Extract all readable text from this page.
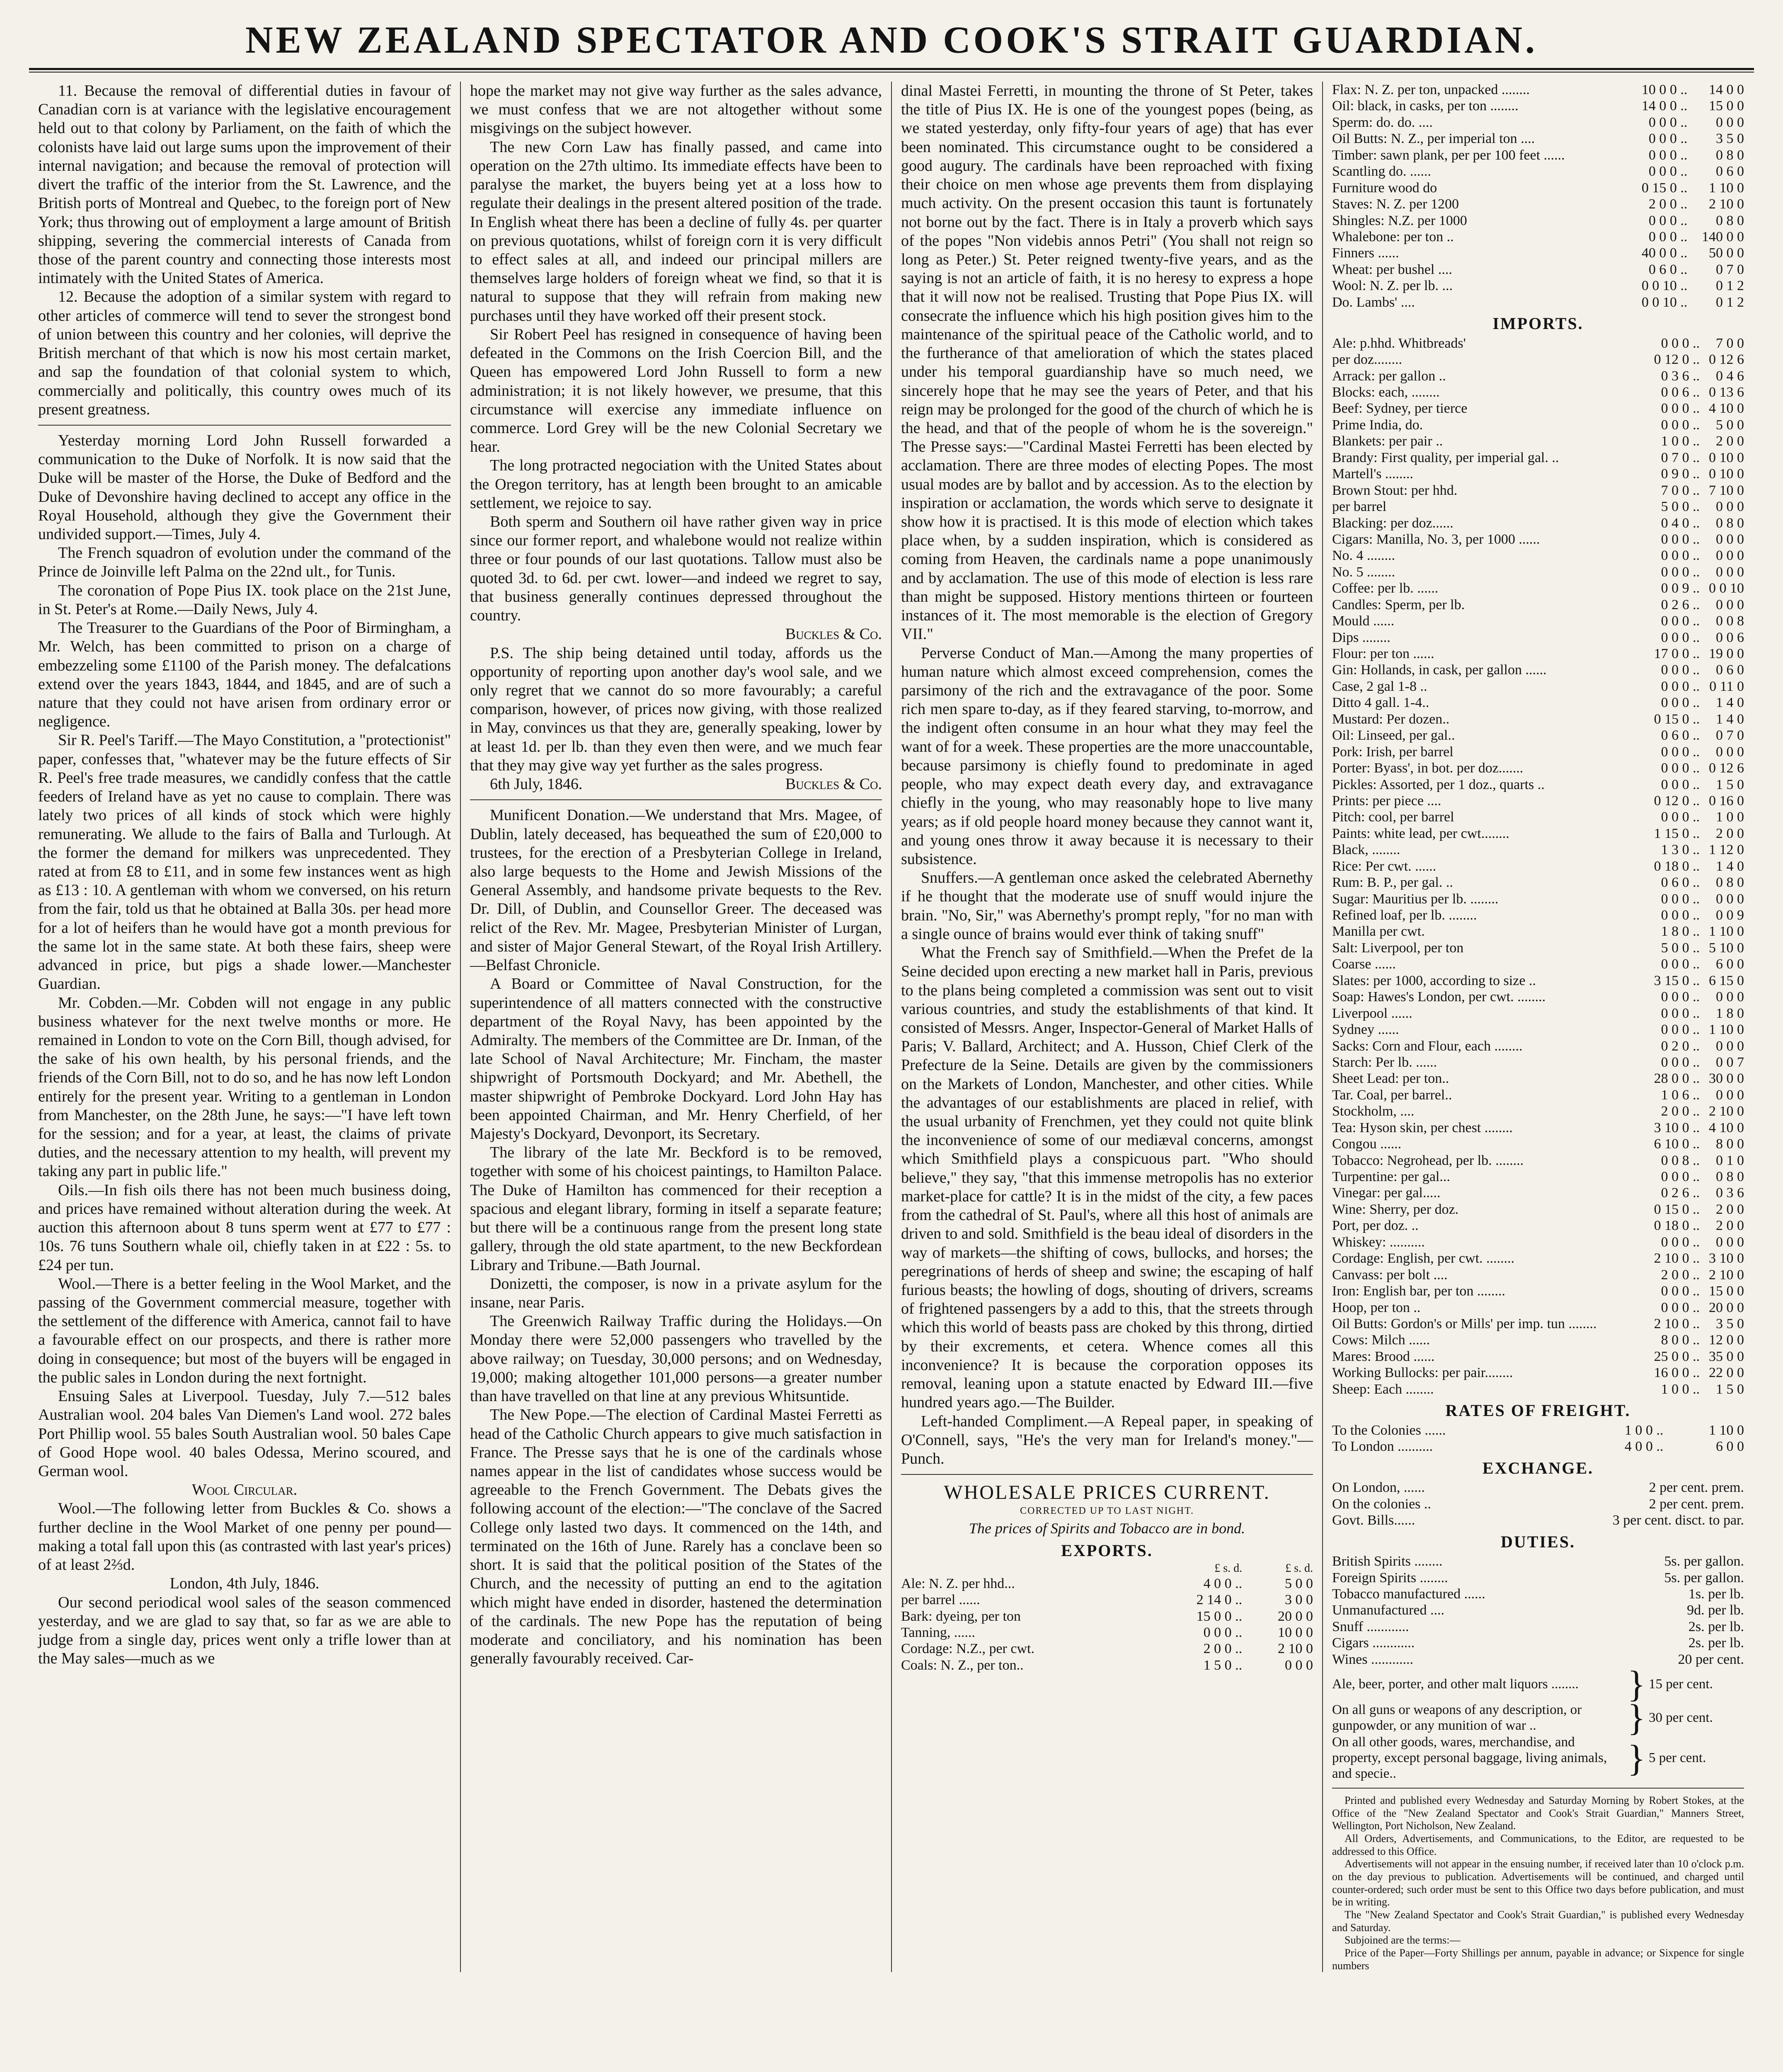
NEW ZEALAND SPECTATOR AND COOK'S STRAIT GUARDIAN.

11. Because the removal of differential duties in favour of Canadian corn is at variance with the legislative encouragement held out to that colony by Parliament, on the faith of which the colonists have laid out large sums upon the improvement of their internal navigation; and because the removal of protection will divert the traffic of the interior from the St. Lawrence, and the British ports of Montreal and Quebec, to the foreign port of New York; thus throwing out of employment a large amount of British shipping, severing the commercial interests of Canada from those of the parent country and connecting those interests most intimately with the United States of America.

12. Because the adoption of a similar system with regard to other articles of commerce will tend to sever the strongest bond of union between this country and her colonies, will deprive the British merchant of that which is now his most certain market, and sap the foundation of that colonial system to which, commercially and politically, this country owes much of its present greatness.

Yesterday morning Lord John Russell forwarded a communication to the Duke of Norfolk. It is now said that the Duke will be master of the Horse, the Duke of Bedford and the Duke of Devonshire having declined to accept any office in the Royal Household, although they give the Government their undivided support.—Times, July 4.

The French squadron of evolution under the command of the Prince de Joinville left Palma on the 22nd ult., for Tunis.

The coronation of Pope Pius IX. took place on the 21st June, in St. Peter's at Rome.—Daily News, July 4.

The Treasurer to the Guardians of the Poor of Birmingham, a Mr. Welch, has been committed to prison on a charge of embezzeling some £1100 of the Parish money. The defalcations extend over the years 1843, 1844, and 1845, and are of such a nature that they could not have arisen from ordinary error or negligence.

Sir R. Peel's Tariff.—The Mayo Constitution, a "protectionist" paper, confesses that, "whatever may be the future effects of Sir R. Peel's free trade measures, we candidly confess that the cattle feeders of Ireland have as yet no cause to complain. There was lately two prices of all kinds of stock which were highly remunerating. We allude to the fairs of Balla and Turlough. At the former the demand for milkers was unprecedented. They rated at from £8 to £11, and in some few instances went as high as £13 : 10. A gentleman with whom we conversed, on his return from the fair, told us that he obtained at Balla 30s. per head more for a lot of heifers than he would have got a month previous for the same lot in the same state. At both these fairs, sheep were advanced in price, but pigs a shade lower.—Manchester Guardian.

Mr. Cobden.—Mr. Cobden will not engage in any public business whatever for the next twelve months or more. He remained in London to vote on the Corn Bill, though advised, for the sake of his own health, by his personal friends, and the friends of the Corn Bill, not to do so, and he has now left London entirely for the present year. Writing to a gentleman in London from Manchester, on the 28th June, he says:—"I have left town for the session; and for a year, at least, the claims of private duties, and the necessary attention to my health, will prevent my taking any part in public life."

Oils.—In fish oils there has not been much business doing, and prices have remained without alteration during the week. At auction this afternoon about 8 tuns sperm went at £77 to £77 : 10s. 76 tuns Southern whale oil, chiefly taken in at £22 : 5s. to £24 per tun.

Wool.—There is a better feeling in the Wool Market, and the passing of the Government commercial measure, together with the settlement of the difference with America, cannot fail to have a favourable effect on our prospects, and there is rather more doing in consequence; but most of the buyers will be engaged in the public sales in London during the next fortnight.

Ensuing Sales at Liverpool. Tuesday, July 7.—512 bales Australian wool. 204 bales Van Diemen's Land wool. 272 bales Port Phillip wool. 55 bales South Australian wool. 50 bales Cape of Good Hope wool. 40 bales Odessa, Merino scoured, and German wool.

Wool Circular.

Wool.—The following letter from Buckles & Co. shows a further decline in the Wool Market of one penny per pound—making a total fall upon this (as contrasted with last year's prices) of at least 2⅔d.

London, 4th July, 1846.

Our second periodical wool sales of the season commenced yesterday, and we are glad to say that, so far as we are able to judge from a single day, prices went only a trifle lower than at the May sales—much as we

hope the market may not give way further as the sales advance, we must confess that we are not altogether without some misgivings on the subject however.

The new Corn Law has finally passed, and came into operation on the 27th ultimo. Its immediate effects have been to paralyse the market, the buyers being yet at a loss how to regulate their dealings in the present altered position of the trade. In English wheat there has been a decline of fully 4s. per quarter on previous quotations, whilst of foreign corn it is very difficult to effect sales at all, and indeed our principal millers are themselves large holders of foreign wheat we find, so that it is natural to suppose that they will refrain from making new purchases until they have worked off their present stock.

Sir Robert Peel has resigned in consequence of having been defeated in the Commons on the Irish Coercion Bill, and the Queen has empowered Lord John Russell to form a new administration; it is not likely however, we presume, that this circumstance will exercise any immediate influence on commerce. Lord Grey will be the new Colonial Secretary we hear.

The long protracted negociation with the United States about the Oregon territory, has at length been brought to an amicable settlement, we rejoice to say.

Both sperm and Southern oil have rather given way in price since our former report, and whalebone would not realize within three or four pounds of our last quotations. Tallow must also be quoted 3d. to 6d. per cwt. lower—and indeed we regret to say, that business generally continues depressed throughout the country.

Buckles & Co.

P.S. The ship being detained until today, affords us the opportunity of reporting upon another day's wool sale, and we only regret that we cannot do so more favourably; a careful comparison, however, of prices now giving, with those realized in May, convinces us that they are, generally speaking, lower by at least 1d. per lb. than they even then were, and we much fear that they may give way yet further as the sales progress.

6th July, 1846.	Buckles & Co.

Munificent Donation.—We understand that Mrs. Magee, of Dublin, lately deceased, has bequeathed the sum of £20,000 to trustees, for the erection of a Presbyterian College in Ireland, also large bequests to the Home and Jewish Missions of the General Assembly, and handsome private bequests to the Rev. Dr. Dill, of Dublin, and Counsellor Greer. The deceased was relict of the Rev. Mr. Magee, Presbyterian Minister of Lurgan, and sister of Major General Stewart, of the Royal Irish Artillery.—Belfast Chronicle.

A Board or Committee of Naval Construction, for the superintendence of all matters connected with the constructive department of the Royal Navy, has been appointed by the Admiralty. The members of the Committee are Dr. Inman, of the late School of Naval Architecture; Mr. Fincham, the master shipwright of Portsmouth Dockyard; and Mr. Abethell, the master shipwright of Pembroke Dockyard. Lord John Hay has been appointed Chairman, and Mr. Henry Cherfield, of her Majesty's Dockyard, Devonport, its Secretary.

The library of the late Mr. Beckford is to be removed, together with some of his choicest paintings, to Hamilton Palace. The Duke of Hamilton has commenced for their reception a spacious and elegant library, forming in itself a separate feature; but there will be a continuous range from the present long state gallery, through the old state apartment, to the new Beckfordean Library and Tribune.—Bath Journal.

Donizetti, the composer, is now in a private asylum for the insane, near Paris.

The Greenwich Railway Traffic during the Holidays.—On Monday there were 52,000 passengers who travelled by the above railway; on Tuesday, 30,000 persons; and on Wednesday, 19,000; making altogether 101,000 persons—a greater number than have travelled on that line at any previous Whitsuntide.

The New Pope.—The election of Cardinal Mastei Ferretti as head of the Catholic Church appears to give much satisfaction in France. The Presse says that he is one of the cardinals whose names appear in the list of candidates whose success would be agreeable to the French Government. The Debats gives the following account of the election:—"The conclave of the Sacred College only lasted two days. It commenced on the 14th, and terminated on the 16th of June. Rarely has a conclave been so short. It is said that the political position of the States of the Church, and the necessity of putting an end to the agitation which might have ended in disorder, hastened the determination of the cardinals. The new Pope has the reputation of being moderate and conciliatory, and his nomination has been generally favourably received. Car-

dinal Mastei Ferretti, in mounting the throne of St Peter, takes the title of Pius IX. He is one of the youngest popes (being, as we stated yesterday, only fifty-four years of age) that has ever been nominated. This circumstance ought to be considered a good augury. The cardinals have been reproached with fixing their choice on men whose age prevents them from displaying much activity. On the present occasion this taunt is fortunately not borne out by the fact. There is in Italy a proverb which says of the popes "Non videbis annos Petri" (You shall not reign so long as Peter.) St. Peter reigned twenty-five years, and as the saying is not an article of faith, it is no heresy to express a hope that it will now not be realised. Trusting that Pope Pius IX. will consecrate the influence which his high position gives him to the maintenance of the spiritual peace of the Catholic world, and to the furtherance of that amelioration of which the states placed under his temporal guardianship have so much need, we sincerely hope that he may see the years of Peter, and that his reign may be prolonged for the good of the church of which he is the head, and that of the people of whom he is the sovereign." The Presse says:—"Cardinal Mastei Ferretti has been elected by acclamation. There are three modes of electing Popes. The most usual modes are by ballot and by accession. As to the election by inspiration or acclamation, the words which serve to designate it show how it is practised. It is this mode of election which takes place when, by a sudden inspiration, which is considered as coming from Heaven, the cardinals name a pope unanimously and by acclamation. The use of this mode of election is less rare than might be supposed. History mentions thirteen or fourteen instances of it. The most memorable is the election of Gregory VII."

Perverse Conduct of Man.—Among the many properties of human nature which almost exceed comprehension, comes the parsimony of the rich and the extravagance of the poor. Some rich men spare to-day, as if they feared starving, to-morrow, and the indigent often consume in an hour what they may feel the want of for a week. These properties are the more unaccountable, because parsimony is chiefly found to predominate in aged people, who may expect death every day, and extravagance chiefly in the young, who may reasonably hope to live many years; as if old people hoard money because they cannot want it, and young ones throw it away because it is necessary to their subsistence.

Snuffers.—A gentleman once asked the celebrated Abernethy if he thought that the moderate use of snuff would injure the brain. "No, Sir," was Abernethy's prompt reply, "for no man with a single ounce of brains would ever think of taking snuff"

What the French say of Smithfield.—When the Prefet de la Seine decided upon erecting a new market hall in Paris, previous to the plans being completed a commission was sent out to visit various countries, and study the establishments of that kind. It consisted of Messrs. Anger, Inspector-General of Market Halls of Paris; V. Ballard, Architect; and A. Husson, Chief Clerk of the Prefecture de la Seine. Details are given by the commissioners on the Markets of London, Manchester, and other cities. While the advantages of our establishments are placed in relief, with the usual urbanity of Frenchmen, yet they could not quite blink the inconvenience of some of our mediæval concerns, amongst which Smithfield plays a conspicuous part. "Who should believe," they say, "that this immense metropolis has no exterior market-place for cattle? It is in the midst of the city, a few paces from the cathedral of St. Paul's, where all this host of animals are driven to and sold. Smithfield is the beau ideal of disorders in the way of markets—the shifting of cows, bullocks, and horses; the peregrinations of herds of sheep and swine; the escaping of half furious beasts; the howling of dogs, shouting of drivers, screams of frightened passengers by a add to this, that the streets through which this world of beasts pass are choked by this throng, dirtied by their excrements, et cetera. Whence comes all this inconvenience? It is because the corporation opposes its removal, leaning upon a statute enacted by Edward III.—five hundred years ago.—The Builder.

Left-handed Compliment.—A Repeal paper, in speaking of O'Connell, says, "He's the very man for Ireland's money."—Punch.

WHOLESALE PRICES CURRENT.
CORRECTED UP TO LAST NIGHT.
The prices of Spirits and Tobacco are in bond.
EXPORTS.
	£ s. d.	£ s. d.
Ale: N. Z. per hhd...	4 0 0 ..	5 0 0
per barrel ......	2 14 0 ..	3 0 0
Bark: dyeing, per ton	15 0 0 ..	20 0 0
Tanning, ......	0 0 0 ..	10 0 0
Cordage: N.Z., per cwt.	2 0 0 ..	2 10 0
Coals: N. Z., per ton..	1 5 0 ..	0 0 0
Flax: N. Z. per ton, unpacked ........	10 0 0 ..	14 0 0
Oil: black, in casks, per ton ........	14 0 0 ..	15 0 0
Sperm: do. do. ....	0 0 0 ..	0 0 0
Oil Butts: N. Z., per imperial ton ....	0 0 0 ..	3 5 0
Timber: sawn plank, per per 100 feet ......	0 0 0 ..	0 8 0
Scantling do. ......	0 0 0 ..	0 6 0
Furniture wood do	0 15 0 ..	1 10 0
Staves: N. Z. per 1200	2 0 0 ..	2 10 0
Shingles: N.Z. per 1000	0 0 0 ..	0 8 0
Whalebone: per ton ..	0 0 0 ..	140 0 0
Finners ......	40 0 0 ..	50 0 0
Wheat: per bushel ....	0 6 0 ..	0 7 0
Wool: N. Z. per lb. ...	0 0 10 ..	0 1 2
Do. Lambs' ....	0 0 10 ..	0 1 2
IMPORTS.
Ale: p.hhd. Whitbreads'	0 0 0 ..	7 0 0
per doz........	0 12 0 ..	0 12 6
Arrack: per gallon ..	0 3 6 ..	0 4 6
Blocks: each, ........	0 0 6 ..	0 13 6
Beef: Sydney, per tierce	0 0 0 ..	4 10 0
Prime India, do.	0 0 0 ..	5 0 0
Blankets: per pair ..	1 0 0 ..	2 0 0
Brandy: First quality, per imperial gal. ..	0 7 0 ..	0 10 0
Martell's ........	0 9 0 ..	0 10 0
Brown Stout: per hhd.	7 0 0 ..	7 10 0
per barrel	5 0 0 ..	0 0 0
Blacking: per doz......	0 4 0 ..	0 8 0
Cigars: Manilla, No. 3, per 1000 ......	0 0 0 ..	0 0 0
No. 4 ........	0 0 0 ..	0 0 0
No. 5 ........	0 0 0 ..	0 0 0
Coffee: per lb. ......	0 0 9 ..	0 0 10
Candles: Sperm, per lb.	0 2 6 ..	0 0 0
Mould ......	0 0 0 ..	0 0 8
Dips ........	0 0 0 ..	0 0 6
Flour: per ton ......	17 0 0 ..	19 0 0
Gin: Hollands, in cask, per gallon ......	0 0 0 ..	0 6 0
Case, 2 gal 1-8 ..	0 0 0 ..	0 11 0
Ditto 4 gall. 1-4..	0 0 0 ..	1 4 0
Mustard: Per dozen..	0 15 0 ..	1 4 0
Oil: Linseed, per gal..	0 6 0 ..	0 7 0
Pork: Irish, per barrel	0 0 0 ..	0 0 0
Porter: Byass', in bot. per doz.......	0 0 0 ..	0 12 6
Pickles: Assorted, per 1 doz., quarts ..	0 0 0 ..	1 5 0
Prints: per piece ....	0 12 0 ..	0 16 0
Pitch: cool, per barrel	0 0 0 ..	1 0 0
Paints: white lead, per cwt........	1 15 0 ..	2 0 0
Black, ........	1 3 0 ..	1 12 0
Rice: Per cwt. ......	0 18 0 ..	1 4 0
Rum: B. P., per gal. ..	0 6 0 ..	0 8 0
Sugar: Mauritius per lb. ........	0 0 0 ..	0 0 0
Refined loaf, per lb. ........	0 0 0 ..	0 0 9
Manilla per cwt.	1 8 0 ..	1 10 0
Salt: Liverpool, per ton	5 0 0 ..	5 10 0
Coarse ......	0 0 0 ..	6 0 0
Slates: per 1000, according to size ..	3 15 0 ..	6 15 0
Soap: Hawes's London, per cwt. ........	0 0 0 ..	0 0 0
Liverpool ......	0 0 0 ..	1 8 0
Sydney ......	0 0 0 ..	1 10 0
Sacks: Corn and Flour, each ........	0 2 0 ..	0 0 0
Starch: Per lb. ......	0 0 0 ..	0 0 7
Sheet Lead: per ton..	28 0 0 ..	30 0 0
Tar. Coal, per barrel..	1 0 6 ..	0 0 0
Stockholm, ....	2 0 0 ..	2 10 0
Tea: Hyson skin, per chest ........	3 10 0 ..	4 10 0
Congou ......	6 10 0 ..	8 0 0
Tobacco: Negrohead, per lb. ........	0 0 8 ..	0 1 0
Turpentine: per gal...	0 0 0 ..	0 8 0
Vinegar: per gal.....	0 2 6 ..	0 3 6
Wine: Sherry, per doz.	0 15 0 ..	2 0 0
Port, per doz. ..	0 18 0 ..	2 0 0
Whiskey: ..........	0 0 0 ..	0 0 0
Cordage: English, per cwt. ........	2 10 0 ..	3 10 0
Canvass: per bolt ....	2 0 0 ..	2 10 0
Iron: English bar, per ton ........	0 0 0 ..	15 0 0
Hoop, per ton ..	0 0 0 ..	20 0 0
Oil Butts: Gordon's or Mills' per imp. tun ........	2 10 0 ..	3 5 0
Cows: Milch ......	8 0 0 ..	12 0 0
Mares: Brood ......	25 0 0 ..	35 0 0
Working Bullocks: per pair........	16 0 0 ..	22 0 0
Sheep: Each ........	1 0 0 ..	1 5 0
RATES OF FREIGHT.
To the Colonies ......	1 0 0 ..	1 10 0
To London ..........	4 0 0 ..	6 0 0
EXCHANGE.
On London, ......	2 per cent. prem.
On the colonies ..	2 per cent. prem.
Govt. Bills......	3 per cent. disct. to par.
DUTIES.
British Spirits ........	5s. per gallon.
Foreign Spirits ........	5s. per gallon.
Tobacco manufactured ......	1s. per lb.
Unmanufactured ....	9d. per lb.
Snuff ............	2s. per lb.
Cigars ............	2s. per lb.
Wines ............	20 per cent.
Ale, beer, porter, and other malt liquors ........	} 15 per cent.
On all guns or weapons of any description, or gunpowder, or any munition of war ..	} 30 per cent.
On all other goods, wares, merchandise, and property, except personal baggage, living animals, and specie..	} 5 per cent.

Printed and published every Wednesday and Saturday Morning by Robert Stokes, at the Office of the "New Zealand Spectator and Cook's Strait Guardian," Manners Street, Wellington, Port Nicholson, New Zealand.

All Orders, Advertisements, and Communications, to the Editor, are requested to be addressed to this Office.

Advertisements will not appear in the ensuing number, if received later than 10 o'clock p.m. on the day previous to publication. Advertisements will be continued, and charged until counter-ordered; such order must be sent to this Office two days before publication, and must be in writing.

The "New Zealand Spectator and Cook's Strait Guardian," is published every Wednesday and Saturday.

Subjoined are the terms:—

Price of the Paper—Forty Shillings per annum, payable in advance; or Sixpence for single numbers
